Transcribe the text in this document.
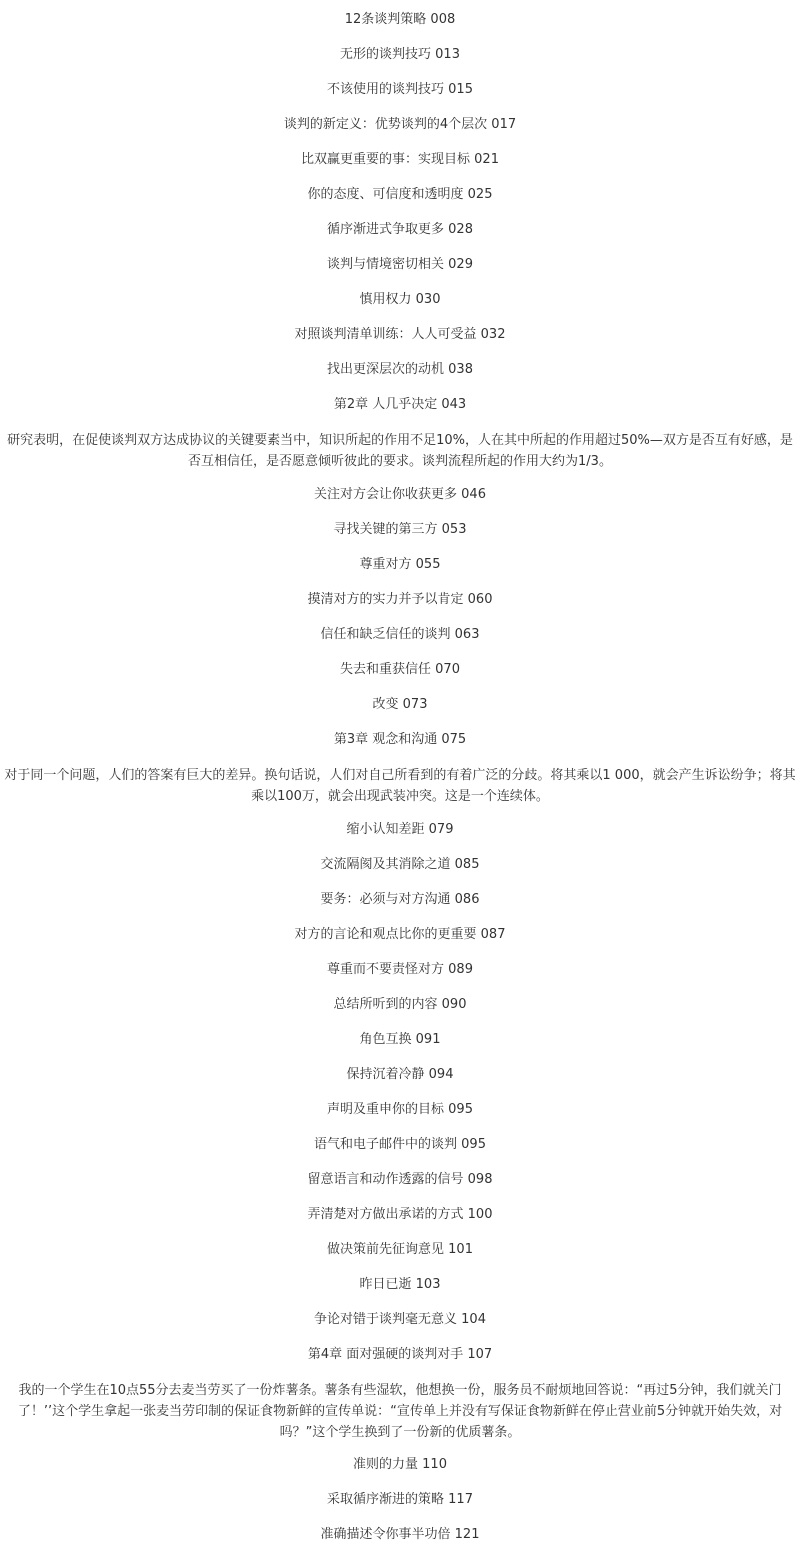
12条谈判策略 008
无形的谈判技巧 013
不该使用的谈判技巧 015
谈判的新定义：优势谈判的4个层次 017
比双赢更重要的事：实现目标 021
你的态度、可信度和透明度 025
循序渐进式争取更多 028
谈判与情境密切相关 029
慎用权力 030
对照谈判清单训练：人人可受益 032
找出更深层次的动机 038
第2章 人几乎决定 043
研究表明，在促使谈判双方达成协议的关键要素当中，知识所起的作用不足10%，人在其中所起的作用超过50%—双方是否互有好感，是否互相信任，是否愿意倾听彼此的要求。谈判流程所起的作用大约为1/3。
关注对方会让你收获更多 046
寻找关键的第三方 053
尊重对方 055
摸清对方的实力并予以肯定 060
信任和缺乏信任的谈判 063
失去和重获信任 070
改变 073
第3章 观念和沟通 075
对于同一个问题，人们的答案有巨大的差异。换句话说，人们对自己所看到的有着广泛的分歧。将其乘以1 000，就会产生诉讼纷争；将其乘以100万，就会出现武装冲突。这是一个连续体。
缩小认知差距 079
交流隔阂及其消除之道 085
要务：必须与对方沟通 086
对方的言论和观点比你的更重要 087
尊重而不要责怪对方 089
总结所听到的内容 090
角色互换 091
保持沉着冷静 094
声明及重申你的目标 095
语气和电子邮件中的谈判 095
留意语言和动作透露的信号 098
弄清楚对方做出承诺的方式 100
做决策前先征询意见 101
昨日已逝 103
争论对错于谈判毫无意义 104
第4章 面对强硬的谈判对手 107
我的一个学生在10点55分去麦当劳买了一份炸薯条。薯条有些湿软，他想换一份，服务员不耐烦地回答说：“再过5分钟，我们就关门了！’’这个学生拿起一张麦当劳印制的保证食物新鲜的宣传单说：“宣传单上并没有写保证食物新鲜在停止营业前5分钟就开始失效，对吗？”这个学生换到了一份新的优质薯条。
准则的力量 110
采取循序渐进的策略 117
准确描述令你事半功倍 121
